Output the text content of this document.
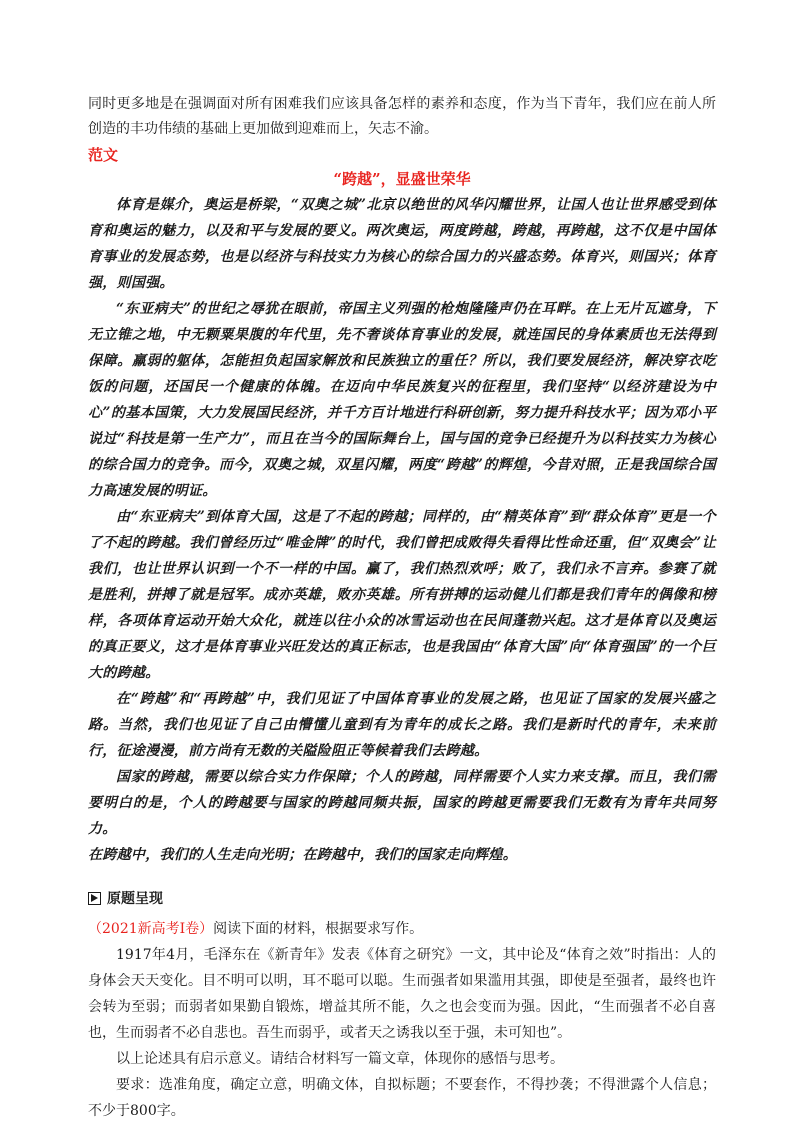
同时更多地是在强调面对所有困难我们应该具备怎样的素养和态度，作为当下青年，我们应在前人所创造的丰功伟绩的基础上更加做到迎难而上，矢志不渝。

范文
“跨越”，显盛世荣华

体育是媒介，奥运是桥梁，“双奥之城”北京以绝世的风华闪耀世界，让国人也让世界感受到体育和奥运的魅力，以及和平与发展的要义。两次奥运，两度跨越，跨越，再跨越，这不仅是中国体育事业的发展态势，也是以经济与科技实力为核心的综合国力的兴盛态势。体育兴，则国兴；体育强，则国强。

“东亚病夫”的世纪之辱犹在眼前，帝国主义列强的枪炮隆隆声仍在耳畔。在上无片瓦遮身，下无立锥之地，中无颗粟果腹的年代里，先不奢谈体育事业的发展，就连国民的身体素质也无法得到保障。羸弱的躯体，怎能担负起国家解放和民族独立的重任？所以，我们要发展经济，解决穿衣吃饭的问题，还国民一个健康的体魄。在迈向中华民族复兴的征程里，我们坚持“以经济建设为中心”的基本国策，大力发展国民经济，并千方百计地进行科研创新，努力提升科技水平；因为邓小平说过“科技是第一生产力”，而且在当今的国际舞台上，国与国的竞争已经提升为以科技实力为核心的综合国力的竞争。而今，双奥之城，双星闪耀，两度“跨越”的辉煌，今昔对照，正是我国综合国力高速发展的明证。

由“东亚病夫”到体育大国，这是了不起的跨越；同样的，由“精英体育”到“群众体育”更是一个了不起的跨越。我们曾经历过“唯金牌”的时代，我们曾把成败得失看得比性命还重，但“双奥会”让我们，也让世界认识到一个不一样的中国。赢了，我们热烈欢呼；败了，我们永不言弃。参赛了就是胜利，拼搏了就是冠军。成亦英雄，败亦英雄。所有拼搏的运动健儿们都是我们青年的偶像和榜样，各项体育运动开始大众化，就连以往小众的冰雪运动也在民间蓬勃兴起。这才是体育以及奥运的真正要义，这才是体育事业兴旺发达的真正标志，也是我国由“体育大国”向“体育强国”的一个巨大的跨越。

在“跨越”和“再跨越”中，我们见证了中国体育事业的发展之路，也见证了国家的发展兴盛之路。当然，我们也见证了自己由懵懂儿童到有为青年的成长之路。我们是新时代的青年，未来前行，征途漫漫，前方尚有无数的关隘险阻正等候着我们去跨越。

国家的跨越，需要以综合实力作保障；个人的跨越，同样需要个人实力来支撑。而且，我们需要明白的是，个人的跨越要与国家的跨越同频共振，国家的跨越更需要我们无数有为青年共同努力。

在跨越中，我们的人生走向光明；在跨越中，我们的国家走向辉煌。

原题呈现
（2021新高考Ⅰ卷）阅读下面的材料，根据要求写作。

1917年4月，毛泽东在《新青年》发表《体育之研究》一文，其中论及“体育之效”时指出：人的身体会天天变化。目不明可以明，耳不聪可以聪。生而强者如果滥用其强，即使是至强者，最终也许会转为至弱；而弱者如果勤自锻炼，增益其所不能，久之也会变而为强。因此，“生而强者不必自喜也，生而弱者不必自悲也。吾生而弱乎，或者天之诱我以至于强，未可知也”。

以上论述具有启示意义。请结合材料写一篇文章，体现你的感悟与思考。

要求：选准角度，确定立意，明确文体，自拟标题；不要套作，不得抄袭；不得泄露个人信息；不少于800字。
